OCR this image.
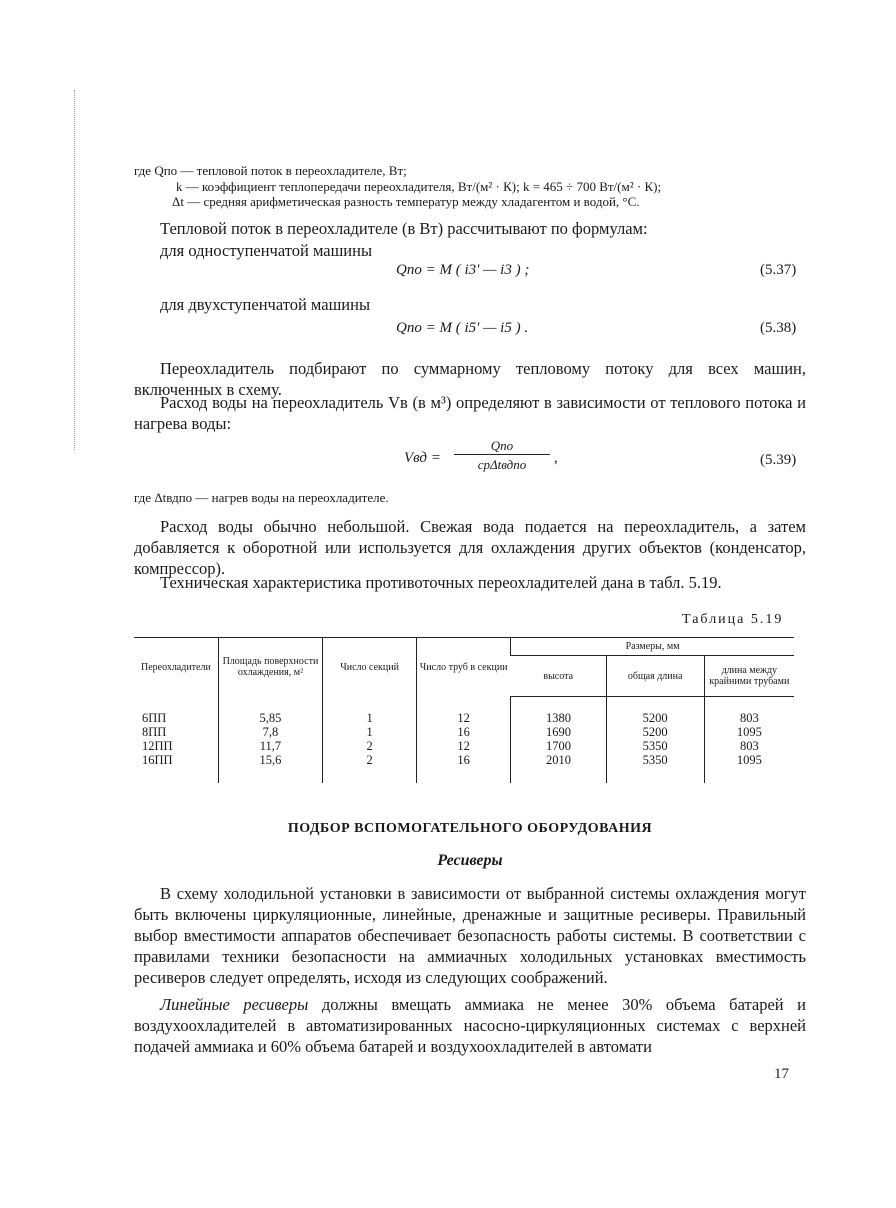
где Qпо — тепловой поток в переохладителе, Вт;
k — коэффициент теплопередачи переохладителя, Вт/(м² · К); k = 465 ÷ 700 Вт/(м² · К);
Δt — средняя арифметическая разность температур между хладагентом и водой, °С.
Тепловой поток в переохладителе (в Вт) рассчитывают по формулам:
для одноступенчатой машины
Qпо = M ( i3' — i3 ) ;	(5.37)
для двухступенчатой машины
Qпо = M ( i5' — i5 ) .	(5.38)
Переохладитель подбирают по суммарному тепловому потоку для всех машин, включенных в схему.
Расход воды на переохладитель Vв (в м³) определяют в зависимости от теплового потока и нагрева воды:
Vвд =
Qпо
cpΔtвдпо	,	(5.39)
где Δtвдпо — нагрев воды на переохладителе.
Расход воды обычно небольшой. Свежая вода подается на переохладитель, а затем добавляется к оборотной или используется для охлаждения других объектов (конденсатор, компрессор).
Техническая характеристика противоточных переохладителей дана в табл. 5.19.
Таблица 5.19
Переохладители	Площадь поверхности охлаждения, м²	Число секций	Число труб в секции	Размеры, мм		
				высота	общая длина	длина между крайними трубами
6ПП	5,85	1	12	1380	5200	803
8ПП	7,8	1	16	1690	5200	1095
12ПП	11,7	2	12	1700	5350	803
16ПП	15,6	2	16	2010	5350	1095
ПОДБОР ВСПОМОГАТЕЛЬНОГО ОБОРУДОВАНИЯ
Ресиверы
В схему холодильной установки в зависимости от выбранной системы охлаждения могут быть включены циркуляционные, линейные, дренажные и защитные ресиверы. Правильный выбор вместимости аппаратов обеспечивает безопасность работы системы. В соответствии с правилами техники безопасности на аммиачных холодильных установках вместимость ресиверов следует определять, исходя из следующих соображений.
Линейные ресиверы должны вмещать аммиака не менее 30% объема батарей и воздухоохладителей в автоматизированных насосно-циркуляционных системах с верхней подачей аммиака и 60% объема батарей и воздухоохладителей в автомати
17
